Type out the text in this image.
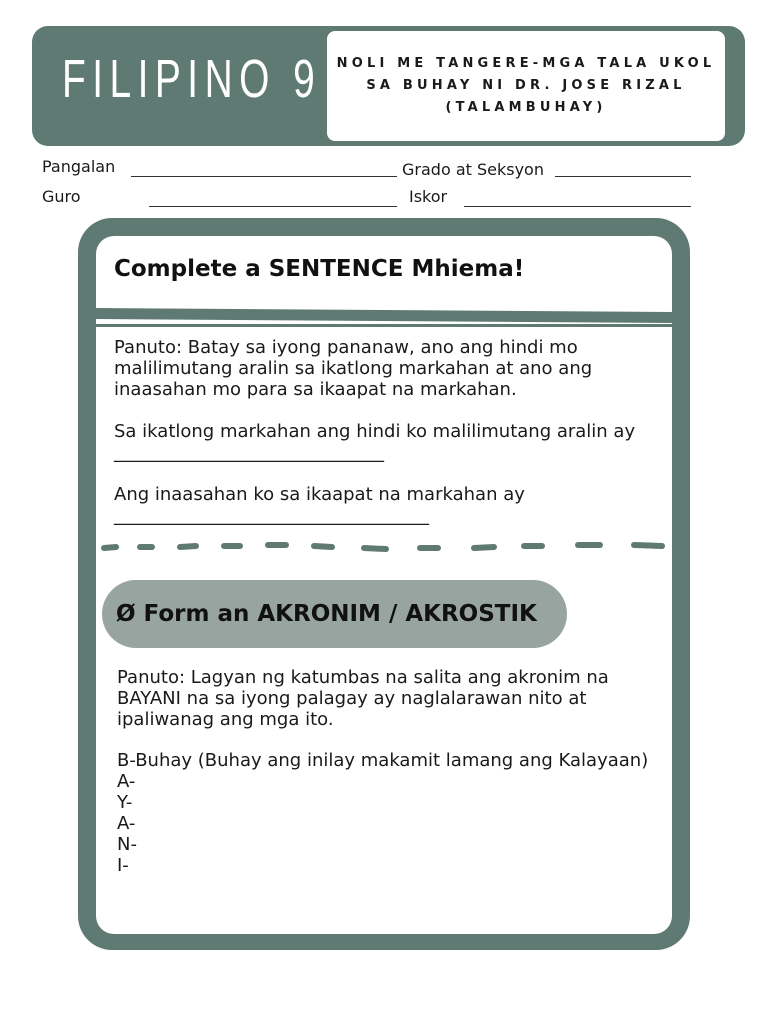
FILIPINO 9	NOLI ME TANGERE-MGA TALA UKOL SA BUHAY NI DR. JOSE RIZAL (TALAMBUHAY)
Pangalan	Grado at Seksyon
Guro	Iskor
Complete a SENTENCE Mhiema!
Panuto: Batay sa iyong pananaw, ano ang hindi mo malilimutang aralin sa ikatlong markahan at ano ang inaasahan mo para sa ikaapat na markahan.
Sa ikatlong markahan ang hindi ko malilimutang aralin ay ______________________________
Ang inaasahan ko sa ikaapat na markahan ay ___________________________________
Panuto: Lagyan ng katumbas na salita ang akronim na BAYANI na sa iyong palagay ay naglalarawan nito at ipaliwanag ang mga ito.
B-Buhay (Buhay ang inilay makamit lamang ang Kalayaan)
A-
Y-
A-
N-
I-
Ø Form an AKRONIM / AKROSTIK
